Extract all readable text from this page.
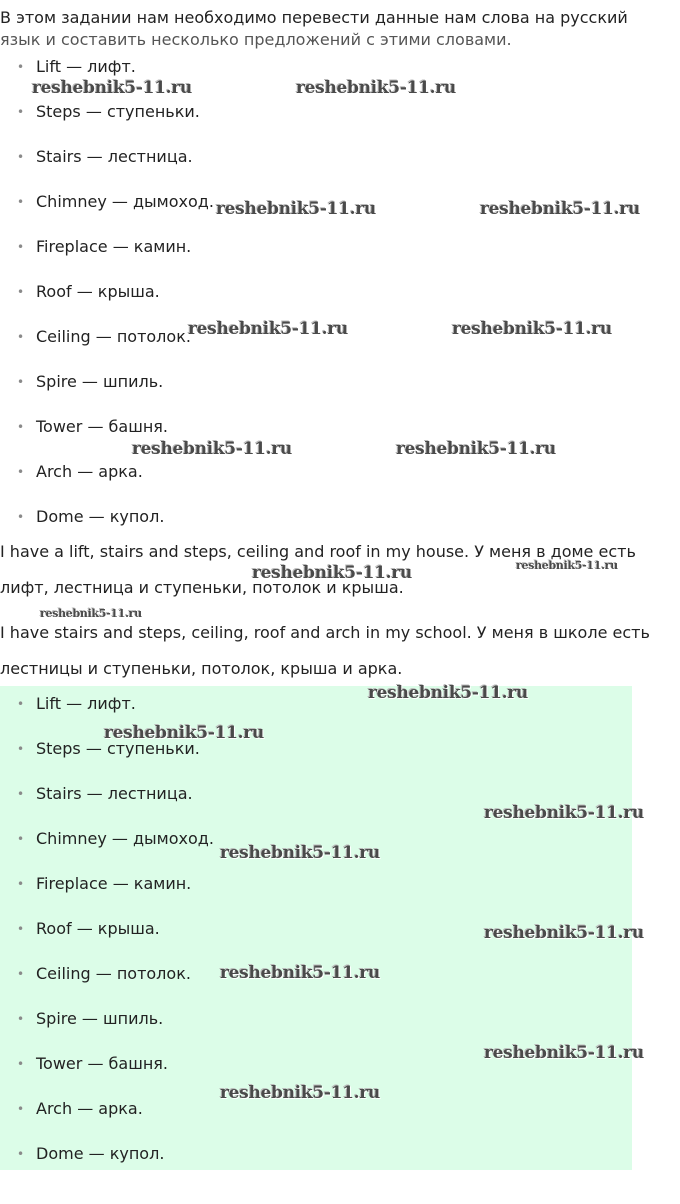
В этом задании нам необходимо перевести данные нам слова на русский
язык и составить несколько предложений с этими словами.
• Lift — лифт.
• Steps — ступеньки.
• Stairs — лестница.
• Chimney — дымоход.
• Fireplace — камин.
• Roof — крыша.
• Ceiling — потолок.
• Spire — шпиль.
• Tower — башня.
• Arch — арка.
• Dome — купол.

I have a lift, stairs and steps, ceiling and roof in my house. У меня в доме есть
лифт, лестница и ступеньки, потолок и крыша.

I have stairs and steps, ceiling, roof and arch in my school. У меня в школе есть
лестницы и ступеньки, потолок, крыша и арка.

• Lift — лифт.
• Steps — ступеньки.
• Stairs — лестница.
• Chimney — дымоход.
• Fireplace — камин.
• Roof — крыша.
• Ceiling — потолок.
• Spire — шпиль.
• Tower — башня.
• Arch — арка.
• Dome — купол.
reshebnik5-11.ru	reshebnik5-11.ru
reshebnik5-11.ru	reshebnik5-11.ru
reshebnik5-11.ru	reshebnik5-11.ru
reshebnik5-11.ru	reshebnik5-11.ru
reshebnik5-11.ru	reshebnik5-11.ru
reshebnik5-11.ru
reshebnik5-11.ru
reshebnik5-11.ru
reshebnik5-11.ru
reshebnik5-11.ru
reshebnik5-11.ru
reshebnik5-11.ru
reshebnik5-11.ru
reshebnik5-11.ru
